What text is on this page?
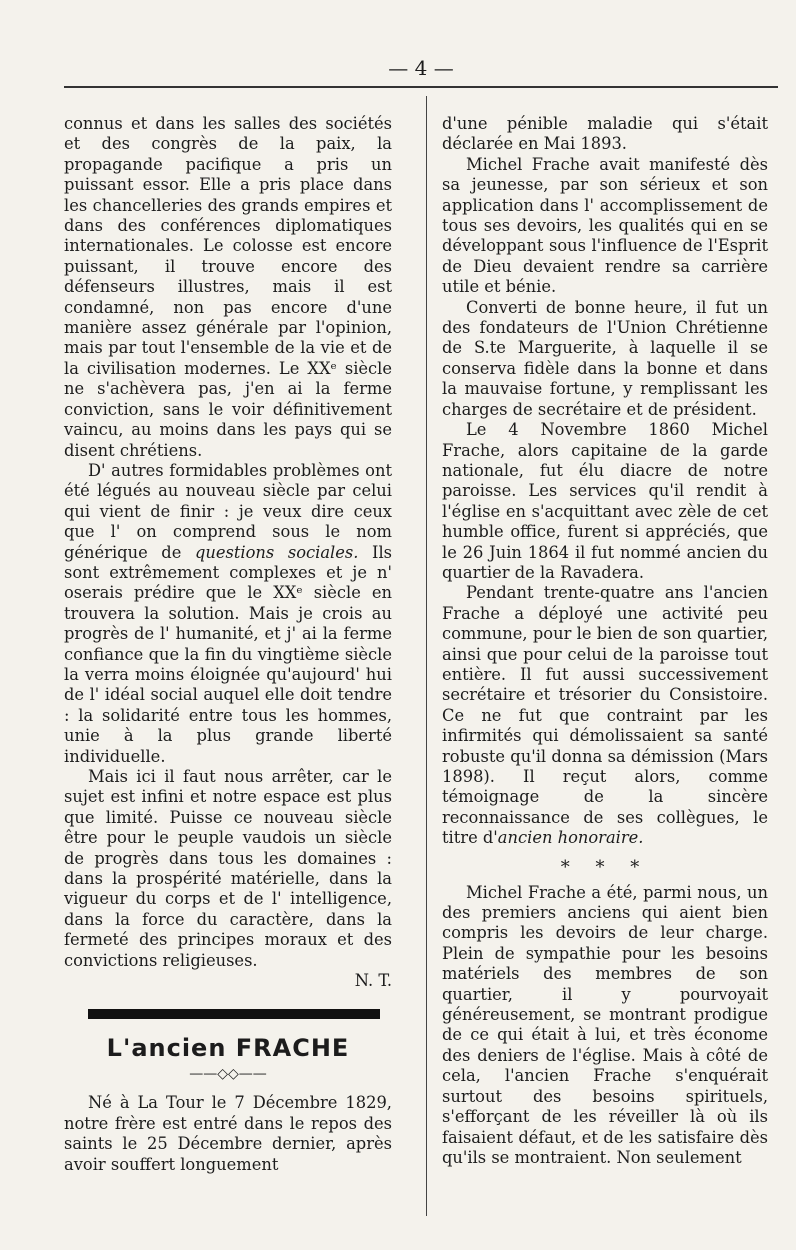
— 4 —

connus et dans les salles des sociétés et des congrès de la paix, la propagande pacifique a pris un puissant essor. Elle a pris place dans les chancelleries des grands empires et dans des conférences diplomatiques internationales. Le colosse est encore puissant, il trouve encore des défenseurs illustres, mais il est condamné, non pas encore d'une manière assez générale par l'opinion, mais par tout l'ensemble de la vie et de la civilisation modernes. Le XXᵉ siècle ne s'achèvera pas, j'en ai la ferme conviction, sans le voir définitivement vaincu, au moins dans les pays qui se disent chrétiens.

D' autres formidables problèmes ont été légués au nouveau siècle par celui qui vient de finir : je veux dire ceux que l' on comprend sous le nom générique de questions sociales. Ils sont extrêmement complexes et je n' oserais prédire que le XXᵉ siècle en trouvera la solution. Mais je crois au progrès de l' humanité, et j' ai la ferme confiance que la fin du vingtième siècle la verra moins éloignée qu'aujourd' hui de l' idéal social auquel elle doit tendre : la solidarité entre tous les hommes, unie à la plus grande liberté individuelle.

Mais ici il faut nous arrêter, car le sujet est infini et notre espace est plus que limité. Puisse ce nouveau siècle être pour le peuple vaudois un siècle de progrès dans tous les domaines : dans la prospérité matérielle, dans la vigueur du corps et de l' intelligence, dans la force du caractère, dans la fermeté des principes moraux et des convictions religieuses.

N. T.

L'ancien FRACHE
——◇◇——

Né à La Tour le 7 Décembre 1829, notre frère est entré dans le repos des saints le 25 Décembre dernier, après avoir souffert longuement

d'une pénible maladie qui s'était déclarée en Mai 1893.

Michel Frache avait manifesté dès sa jeunesse, par son sérieux et son application dans l' accomplissement de tous ses devoirs, les qualités qui en se développant sous l'influence de l'Esprit de Dieu devaient rendre sa carrière utile et bénie.

Converti de bonne heure, il fut un des fondateurs de l'Union Chrétienne de S.te Marguerite, à laquelle il se conserva fidèle dans la bonne et dans la mauvaise fortune, y remplissant les charges de secrétaire et de président.

Le 4 Novembre 1860 Michel Frache, alors capitaine de la garde nationale, fut élu diacre de notre paroisse. Les services qu'il rendit à l'église en s'acquittant avec zèle de cet humble office, furent si appréciés, que le 26 Juin 1864 il fut nommé ancien du quartier de la Ravadera.

Pendant trente-quatre ans l'ancien Frache a déployé une activité peu commune, pour le bien de son quartier, ainsi que pour celui de la paroisse tout entière. Il fut aussi successivement secrétaire et trésorier du Consistoire. Ce ne fut que contraint par les infirmités qui démolissaient sa santé robuste qu'il donna sa démission (Mars 1898). Il reçut alors, comme témoignage de la sincère reconnaissance de ses collègues, le titre d'ancien honoraire.

* * *

Michel Frache a été, parmi nous, un des premiers anciens qui aient bien compris les devoirs de leur charge. Plein de sympathie pour les besoins matériels des membres de son quartier, il y pourvoyait généreusement, se montrant prodigue de ce qui était à lui, et très économe des deniers de l'église. Mais à côté de cela, l'ancien Frache s'enquérait surtout des besoins spirituels, s'efforçant de les réveiller là où ils faisaient défaut, et de les satisfaire dès qu'ils se montraient. Non seulement
